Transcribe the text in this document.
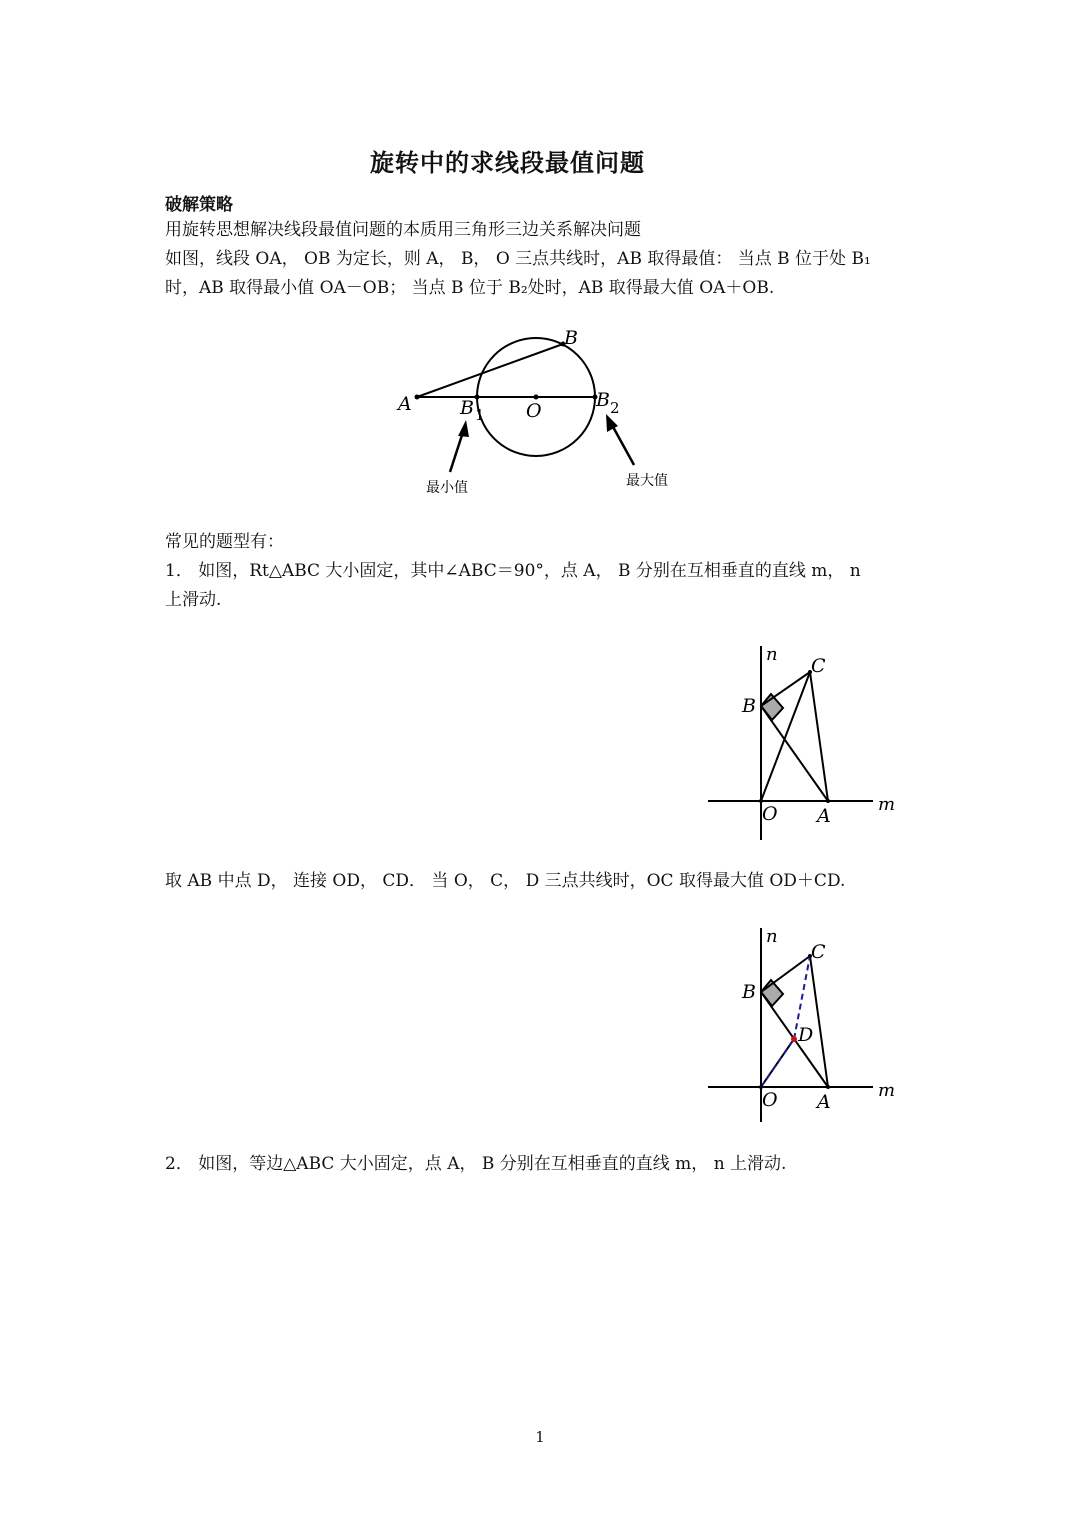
旋转中的求线段最值问题
破解策略
用旋转思想解决线段最值问题的本质用三角形三边关系解决问题
如图，线段 OA， OB 为定长，则 A， B， O 三点共线时，AB 取得最值： 当点 B 位于处 B₁
时，AB 取得最小值 OA－OB； 当点 B 位于 B₂处时，AB 取得最大值 OA＋OB.
B
A	B 1 O	B 2
最小值	最大值
常见的题型有：
1． 如图，Rt△ABC 大小固定，其中∠ABC＝90°，点 A， B 分别在互相垂直的直线 m， n
上滑动.
n
C
B
O A
m
取 AB 中点 D， 连接 OD， CD． 当 O， C， D 三点共线时，OC 取得最大值 OD＋CD.
n
C
B
D
O A
m
2． 如图，等边△ABC 大小固定，点 A， B 分别在互相垂直的直线 m， n 上滑动.
1
